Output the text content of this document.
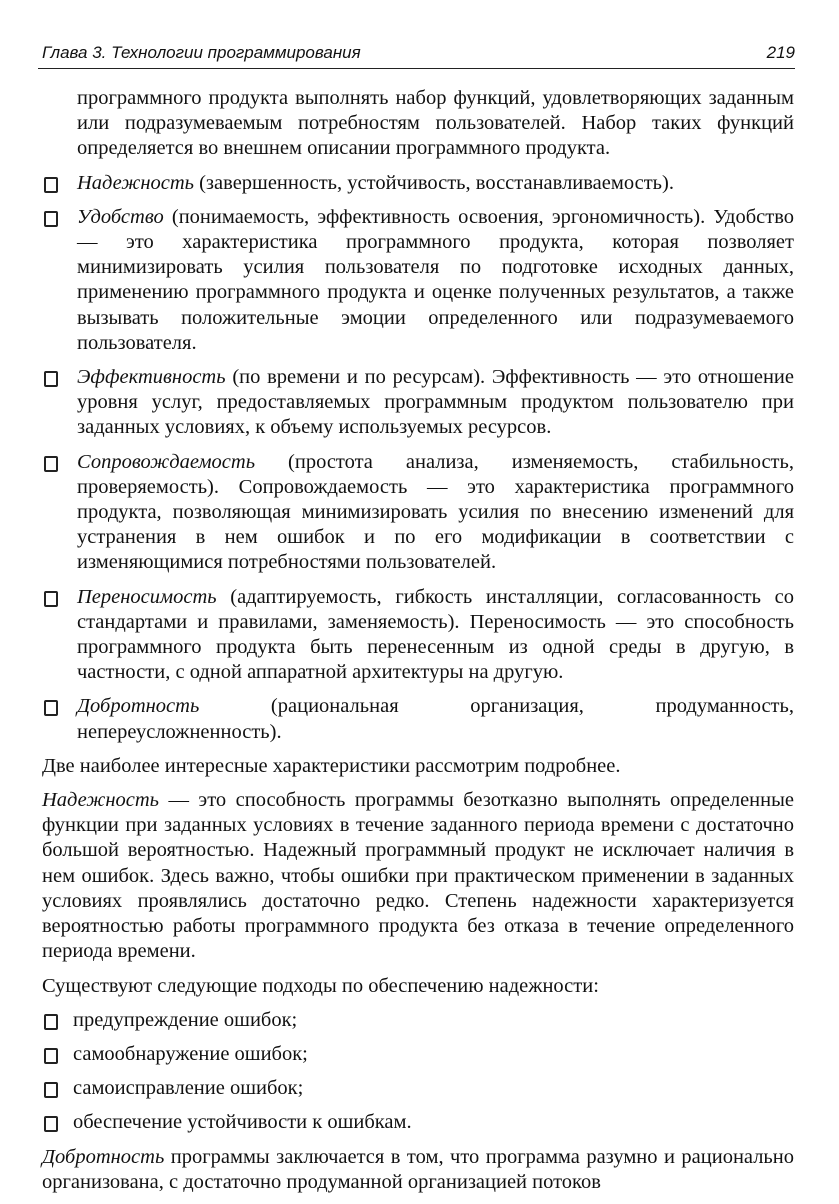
Глава 3. Технологии программирования	219

программного продукта выполнять набор функций, удовлетворяющих заданным или подразумеваемым потребностям пользователей. Набор таких функций определяется во внешнем описании программного продукта.

Надежность (завершенность, устойчивость, восстанавливаемость).

Удобство (понимаемость, эффективность освоения, эргономичность). Удобство — это характеристика программного продукта, которая позволяет минимизировать усилия пользователя по подготовке исходных данных, применению программного продукта и оценке полученных результатов, а также вызывать положительные эмоции определенного или подразумеваемого пользователя.

Эффективность (по времени и по ресурсам). Эффективность — это отношение уровня услуг, предоставляемых программным продуктом пользователю при заданных условиях, к объему используемых ресурсов.

Сопровождаемость (простота анализа, изменяемость, стабильность, проверяемость). Сопровождаемость — это характеристика программного продукта, позволяющая минимизировать усилия по внесению изменений для устранения в нем ошибок и по его модификации в соответствии с изменяющимися потребностями пользователей.

Переносимость (адаптируемость, гибкость инсталляции, согласованность со стандартами и правилами, заменяемость). Переносимость — это способность программного продукта быть перенесенным из одной среды в другую, в частности, с одной аппаратной архитектуры на другую.

Добротность (рациональная организация, продуманность, непереусложненность).

Две наиболее интересные характеристики рассмотрим подробнее.

Надежность — это способность программы безотказно выполнять определенные функции при заданных условиях в течение заданного периода времени с достаточно большой вероятностью. Надежный программный продукт не исключает наличия в нем ошибок. Здесь важно, чтобы ошибки при практическом применении в заданных условиях проявлялись достаточно редко. Степень надежности характеризуется вероятностью работы программного продукта без отказа в течение определенного периода времени.

Существуют следующие подходы по обеспечению надежности:

предупреждение ошибок;
самообнаружение ошибок;
самоисправление ошибок;
обеспечение устойчивости к ошибкам.

Добротность программы заключается в том, что программа разумно и рационально организована, с достаточно продуманной организацией потоков
